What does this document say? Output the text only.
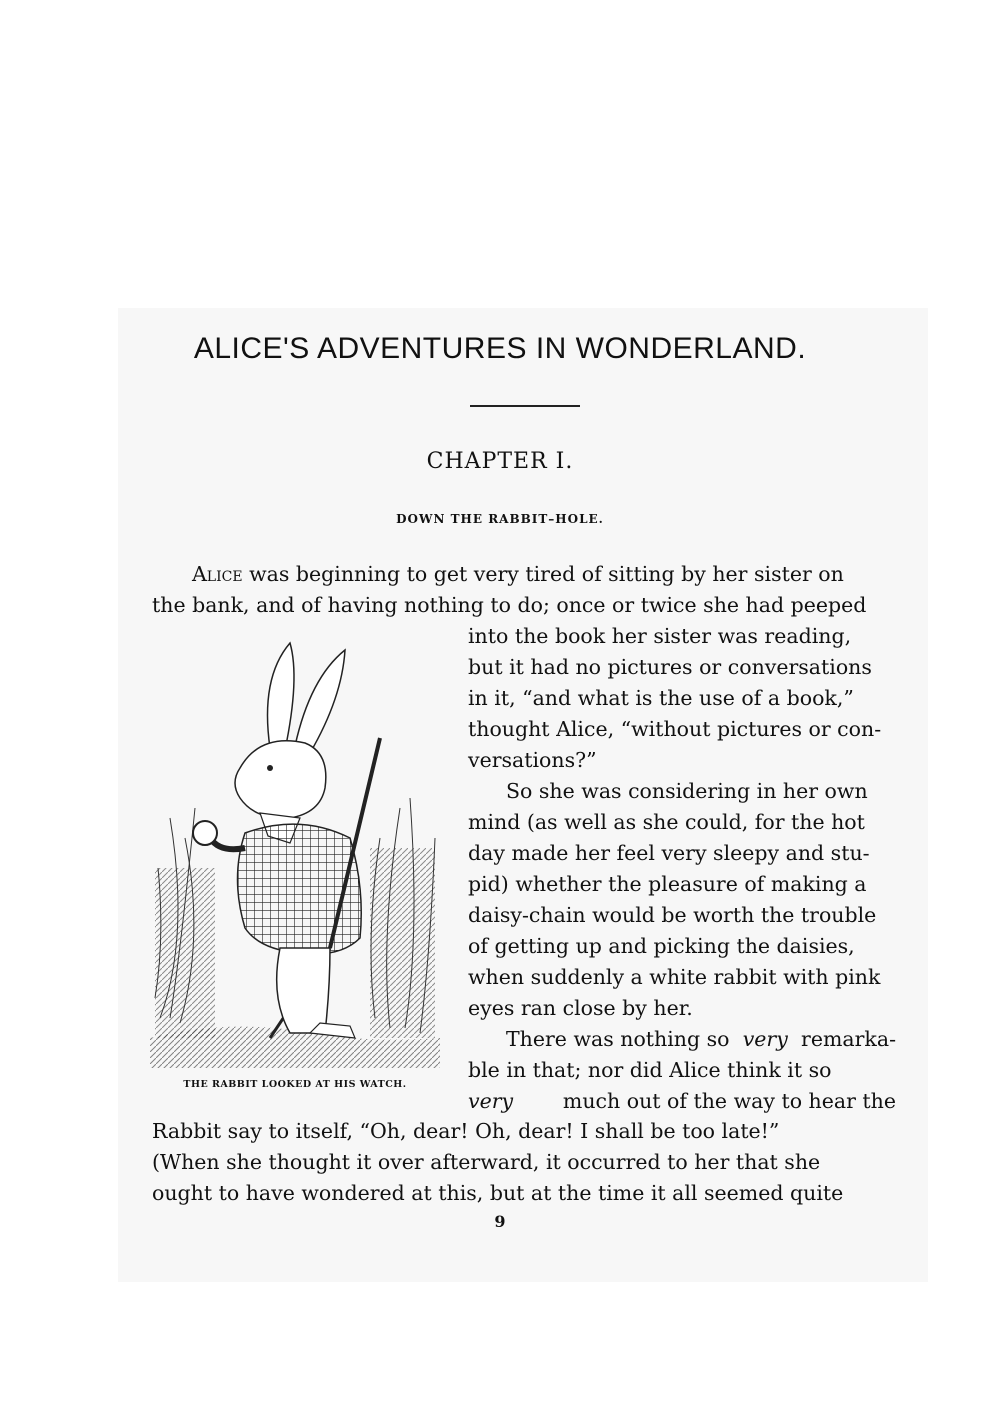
ALICE'S ADVENTURES IN WONDERLAND.
CHAPTER I.
DOWN THE RABBIT–HOLE.
Alice was beginning to get very tired of sitting by her sister on
the bank, and of having nothing to do; once or twice she had peeped
into the book her sister was reading,
but it had no pictures or conversations
in it, “and what is the use of a book,”
thought Alice, “without pictures or con-
versations?”
So she was considering in her own
mind (as well as she could, for the hot
day made her feel very sleepy and stu-
pid) whether the pleasure of making a
daisy-chain would be worth the trouble
of getting up and picking the daisies,
when suddenly a white rabbit with pink
eyes ran close by her.
There was nothing so very remarka-
ble in that; nor did Alice think it so
very much out of the way to hear the
Rabbit say to itself, “Oh, dear! Oh, dear! I shall be too late!”
(When she thought it over afterward, it occurred to her that she
ought to have wondered at this, but at the time it all seemed quite
THE RABBIT LOOKED AT HIS WATCH.
9
